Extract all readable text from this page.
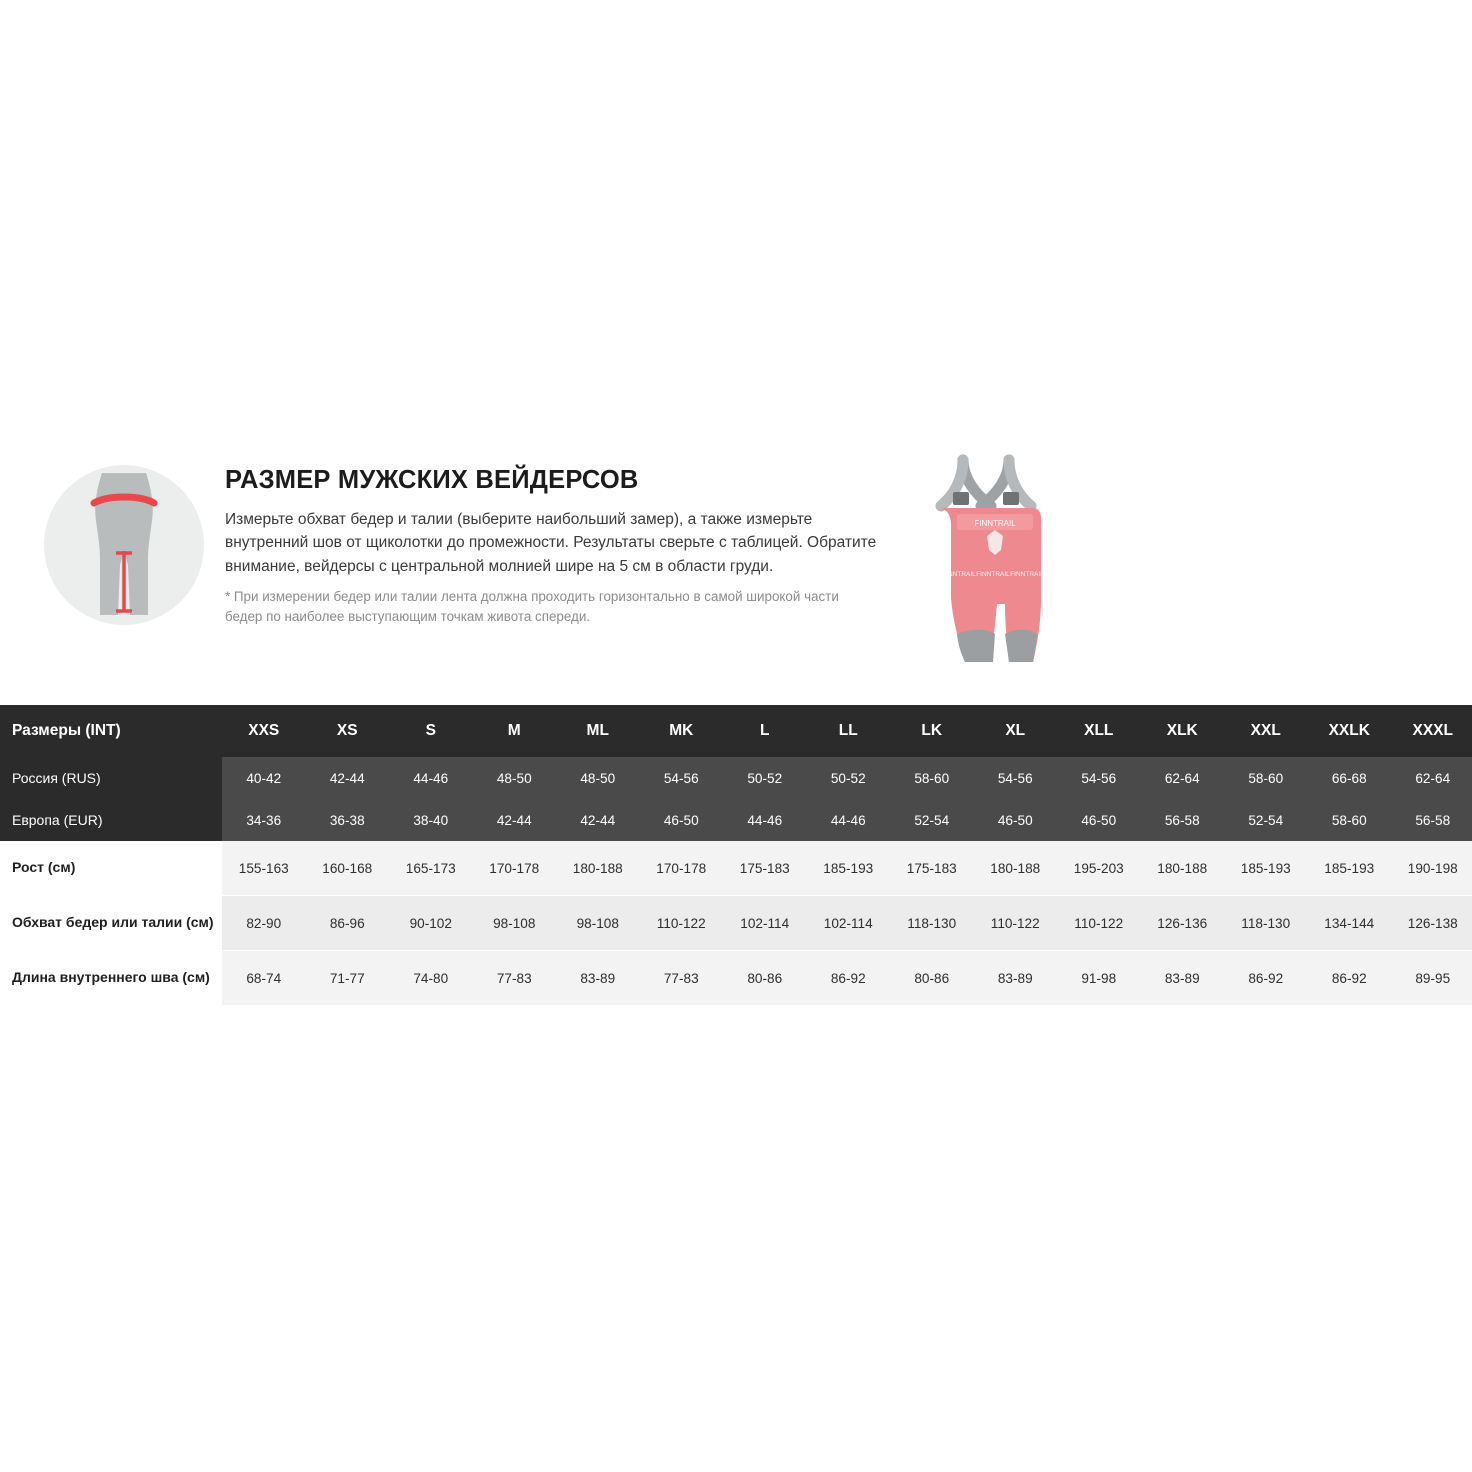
РАЗМЕР МУЖСКИХ ВЕЙДЕРСОВ

Измерьте обхват бедер и талии (выберите наибольший замер), а также измерьте внутренний шов от щиколотки до промежности. Результаты сверьте с таблицей. Обратите внимание, вейдерсы с центральной молнией шире на 5 см в области груди.

* При измерении бедер или талии лента должна проходить горизонтально в самой широкой части бедер по наиболее выступающим точкам живота спереди.

FINNTRAIL
FINNTRAIL FINNTRAIL FINNTRAIL
Размеры (INT)	XXS	XS	S	M	ML	MK	L	LL	LK	XL	XLL	XLK	XXL	XXLK	XXXL
Россия (RUS)	40-42	42-44	44-46	48-50	48-50	54-56	50-52	50-52	58-60	54-56	54-56	62-64	58-60	66-68	62-64
Европа (EUR)	34-36	36-38	38-40	42-44	42-44	46-50	44-46	44-46	52-54	46-50	46-50	56-58	52-54	58-60	56-58
Рост (см)	155-163	160-168	165-173	170-178	180-188	170-178	175-183	185-193	175-183	180-188	195-203	180-188	185-193	185-193	190-198
Обхват бедер или талии (см)	82-90	86-96	90-102	98-108	98-108	110-122	102-114	102-114	118-130	110-122	110-122	126-136	118-130	134-144	126-138
Длина внутреннего шва (см)	68-74	71-77	74-80	77-83	83-89	77-83	80-86	86-92	80-86	83-89	91-98	83-89	86-92	86-92	89-95
